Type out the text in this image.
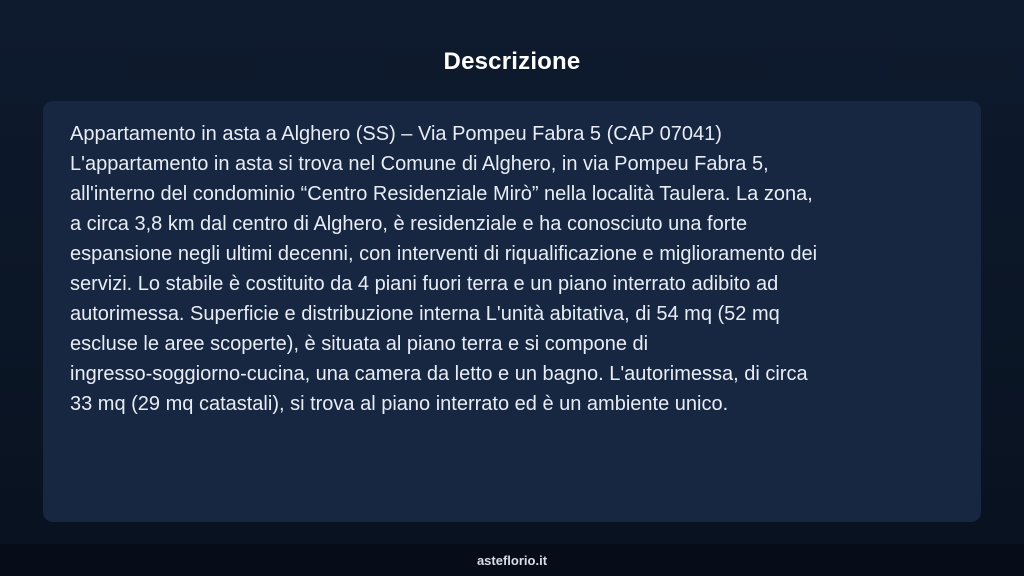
Descrizione

Appartamento in asta a Alghero (SS) – Via Pompeu Fabra 5 (CAP 07041)
L'appartamento in asta si trova nel Comune di Alghero, in via Pompeu Fabra 5,
all'interno del condominio “Centro Residenziale Mirò” nella località Taulera. La zona,
a circa 3,8 km dal centro di Alghero, è residenziale e ha conosciuto una forte
espansione negli ultimi decenni, con interventi di riqualificazione e miglioramento dei
servizi. Lo stabile è costituito da 4 piani fuori terra e un piano interrato adibito ad
autorimessa. Superficie e distribuzione interna L'unità abitativa, di 54 mq (52 mq
escluse le aree scoperte), è situata al piano terra e si compone di
ingresso-soggiorno-cucina, una camera da letto e un bagno. L'autorimessa, di circa
33 mq (29 mq catastali), si trova al piano interrato ed è un ambiente unico.

asteflorio.it
